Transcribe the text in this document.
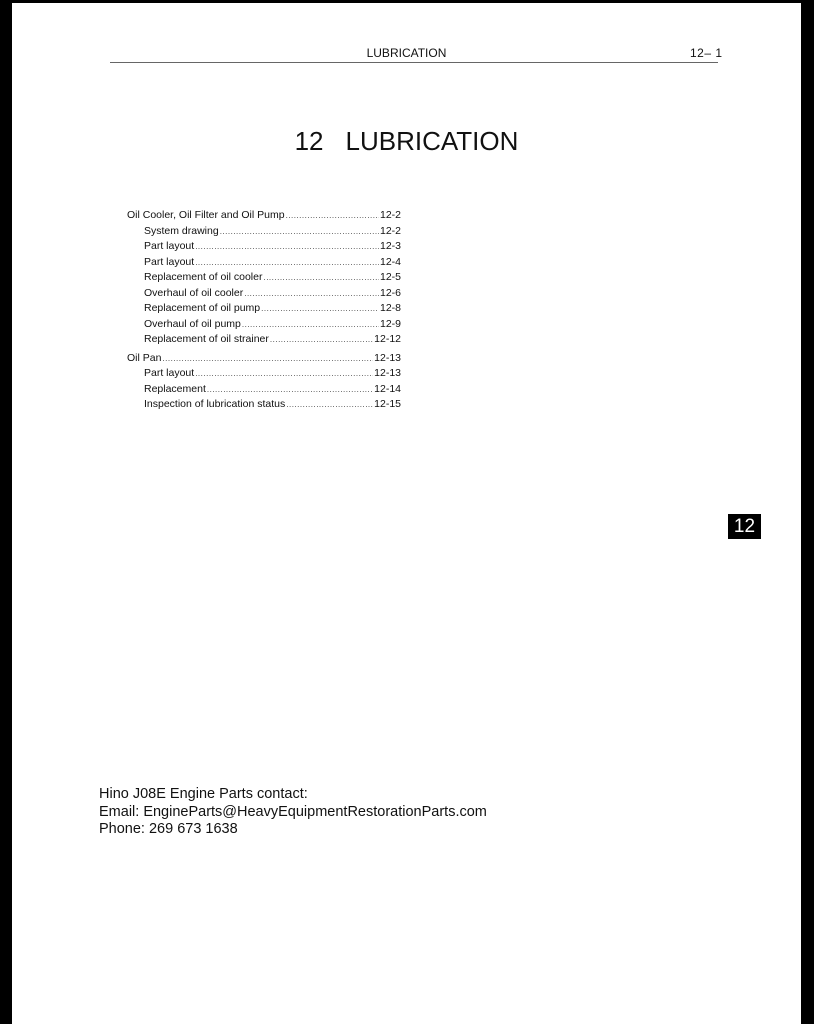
LUBRICATION	12– 1
12 LUBRICATION
Oil Cooler, Oil Filter and Oil Pump .....	12-2
System drawing .....	12-2
Part layout .....	12-3
Part layout .....	12-4
Replacement of oil cooler .....	12-5
Overhaul of oil cooler .....	12-6
Replacement of oil pump .....	12-8
Overhaul of oil pump .....	12-9
Replacement of oil strainer .....	12-12
Oil Pan .....	12-13
Part layout .....	12-13
Replacement .....	12-14
Inspection of lubrication status .....	12-15
12
Hino J08E Engine Parts contact:
Email: EngineParts@HeavyEquipmentRestorationParts.com
Phone: 269 673 1638
